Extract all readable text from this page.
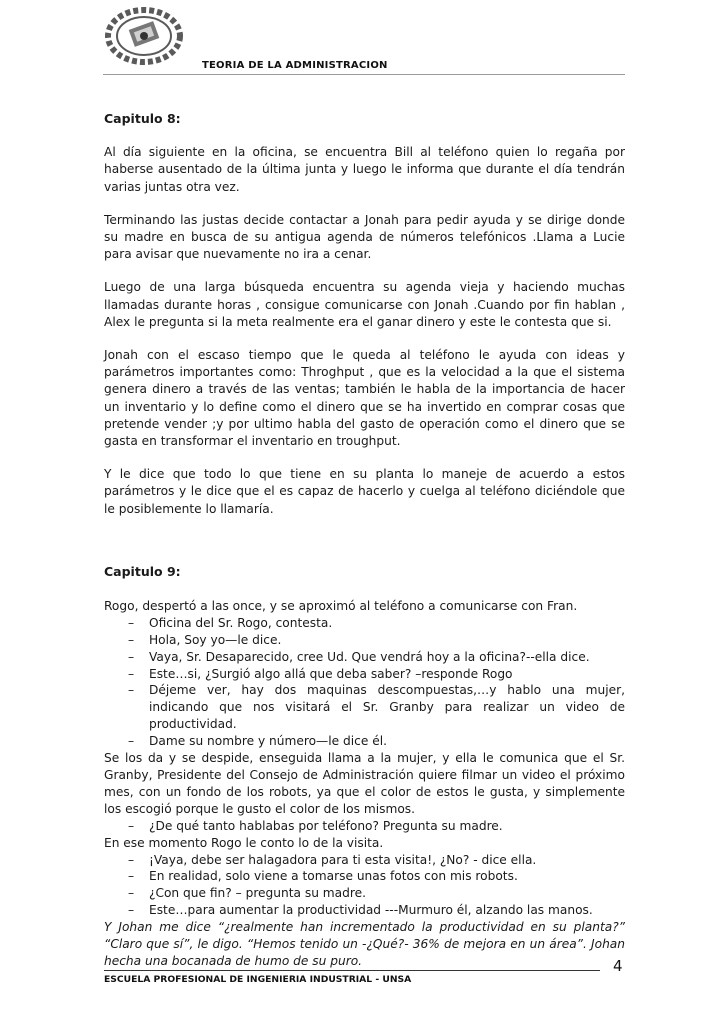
TEORIA DE LA ADMINISTRACION

Capitulo 8:

Al día siguiente en la oficina, se encuentra Bill al teléfono quien lo regaña por haberse ausentado de la última junta y luego le informa que durante el día tendrán varias juntas otra vez.

Terminando las justas decide contactar a Jonah para pedir ayuda y se dirige donde su madre en busca de su antigua agenda de números telefónicos .Llama a Lucie para avisar que nuevamente no ira a cenar.

Luego de una larga búsqueda encuentra su agenda vieja y haciendo muchas llamadas durante horas , consigue comunicarse con Jonah .Cuando por fin hablan , Alex le pregunta si la meta realmente era el ganar dinero y este le contesta que si.

Jonah con el escaso tiempo que le queda al teléfono le ayuda con ideas y parámetros importantes como: Throghput , que es la velocidad a la que el sistema genera dinero a través de las ventas; también le habla de la importancia de hacer un inventario y lo define como el dinero que se ha invertido en comprar cosas que pretende vender ;y por ultimo habla del gasto de operación como el dinero que se gasta en transformar el inventario en troughput.

Y le dice que todo lo que tiene en su planta lo maneje de acuerdo a estos parámetros y le dice que el es capaz de hacerlo y cuelga al teléfono diciéndole que le posiblemente lo llamaría.

Capitulo 9:

Rogo, despertó a las once, y se aproximó al teléfono a comunicarse con Fran.

– Oficina del Sr. Rogo, contesta.
– Hola, Soy yo—le dice.
– Vaya, Sr. Desaparecido, cree Ud. Que vendrá hoy a la oficina?--ella dice.
– Este…si, ¿Surgió algo allá que deba saber? –responde Rogo
– Déjeme ver, hay dos maquinas descompuestas,…y hablo una mujer, indicando que nos visitará el Sr. Granby para realizar un video de productividad.
– Dame su nombre y número—le dice él.

Se los da y se despide, enseguida llama a la mujer, y ella le comunica que el Sr. Granby, Presidente del Consejo de Administración quiere filmar un video el próximo mes, con un fondo de los robots, ya que el color de estos le gusta, y simplemente los escogió porque le gusto el color de los mismos.

– ¿De qué tanto hablabas por teléfono? Pregunta su madre.

En ese momento Rogo le conto lo de la visita.

– ¡Vaya, debe ser halagadora para ti esta visita!, ¿No? - dice ella.
– En realidad, solo viene a tomarse unas fotos con mis robots.
– ¿Con que fin? – pregunta su madre.
– Este…para aumentar la productividad ---Murmuro él, alzando las manos.

Y Johan me dice “¿realmente han incrementado la productividad en su planta?” “Claro que sí”, le digo. “Hemos tenido un -¿Qué?- 36% de mejora en un área”. Johan hecha una bocanada de humo de su puro.	4
ESCUELA PROFESIONAL DE INGENIERIA INDUSTRIAL - UNSA
